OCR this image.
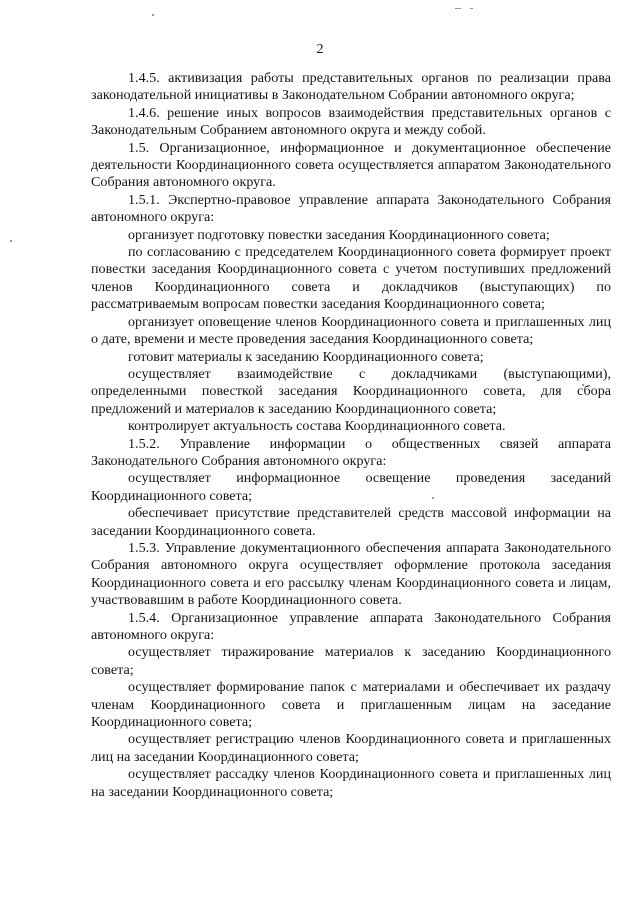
2

1.4.5. активизация работы представительных органов по реализации права законодательной инициативы в Законодательном Собрании автономного округа;

1.4.6. решение иных вопросов взаимодействия представительных органов с Законодательным Собранием автономного округа и между собой.

1.5. Организационное, информационное и документационное обеспечение деятельности Координационного совета осуществляется аппаратом Законодательного Собрания автономного округа.

1.5.1. Экспертно-правовое управление аппарата Законодательного Собрания автономного округа:

организует подготовку повестки заседания Координационного совета;

по согласованию с председателем Координационного совета формирует проект повестки заседания Координационного совета с учетом поступивших предложений членов Координационного совета и докладчиков (выступающих) по рассматриваемым вопросам повестки заседания Координационного совета;

организует оповещение членов Координационного совета и приглашенных лиц о дате, времени и месте проведения заседания Координационного совета;

готовит материалы к заседанию Координационного совета;

осуществляет взаимодействие с докладчиками (выступающими), определенными повесткой заседания Координационного совета, для сбора предложений и материалов к заседанию Координационного совета;

контролирует актуальность состава Координационного совета.

1.5.2. Управление информации о общественных связей аппарата Законодательного Собрания автономного округа:

осуществляет информационное освещение проведения заседаний Координационного совета;

обеспечивает присутствие представителей средств массовой информации на заседании Координационного совета.

1.5.3. Управление документационного обеспечения аппарата Законодательного Собрания автономного округа осуществляет оформление протокола заседания Координационного совета и его рассылку членам Координационного совета и лицам, участвовавшим в работе Координационного совета.

1.5.4. Организационное управление аппарата Законодательного Собрания автономного округа:

осуществляет тиражирование материалов к заседанию Координационного совета;

осуществляет формирование папок с материалами и обеспечивает их раздачу членам Координационного совета и приглашенным лицам на заседание Координационного совета;

осуществляет регистрацию членов Координационного совета и приглашенных лиц на заседании Координационного совета;

осуществляет рассадку членов Координационного совета и приглашенных лиц на заседании Координационного совета;
